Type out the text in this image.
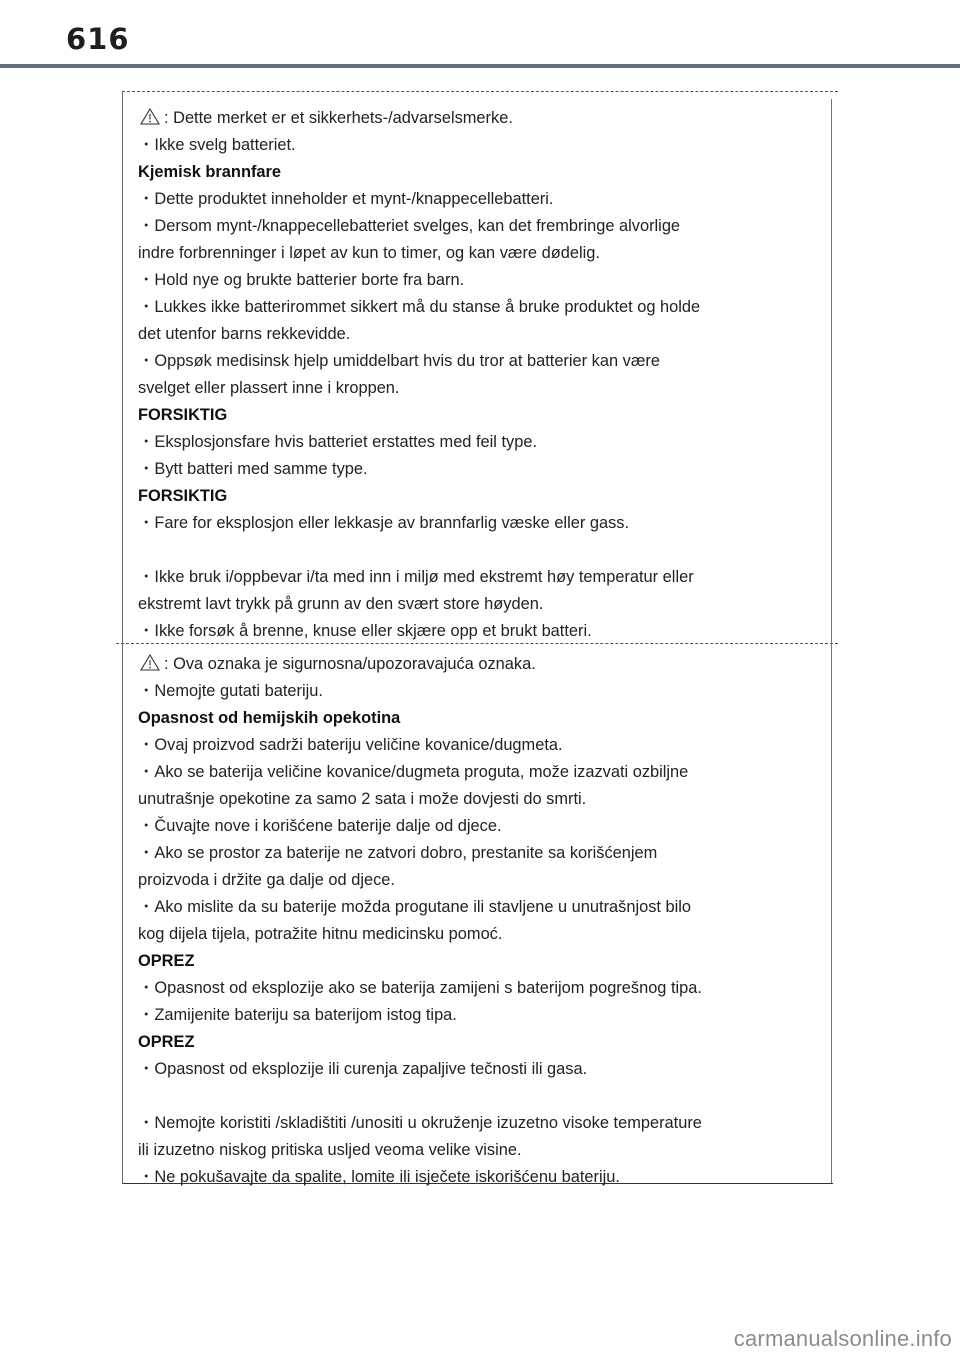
616
: Dette merket er et sikkerhets-/advarselsmerke.
・Ikke svelg batteriet.
Kjemisk brannfare
・Dette produktet inneholder et mynt-/knappecellebatteri.
・Dersom mynt-/knappecellebatteriet svelges, kan det frembringe alvorlige
indre forbrenninger i løpet av kun to timer, og kan være dødelig.
・Hold nye og brukte batterier borte fra barn.
・Lukkes ikke batterirommet sikkert må du stanse å bruke produktet og holde
det utenfor barns rekkevidde.
・Oppsøk medisinsk hjelp umiddelbart hvis du tror at batterier kan være
svelget eller plassert inne i kroppen.
FORSIKTIG
・Eksplosjonsfare hvis batteriet erstattes med feil type.
・Bytt batteri med samme type.
FORSIKTIG
・Fare for eksplosjon eller lekkasje av brannfarlig væske eller gass.
・Ikke bruk i/oppbevar i/ta med inn i miljø med ekstremt høy temperatur eller
ekstremt lavt trykk på grunn av den svært store høyden.
・Ikke forsøk å brenne, knuse eller skjære opp et brukt batteri.
: Ova oznaka je sigurnosna/upozoravajuća oznaka.
・Nemojte gutati bateriju.
Opasnost od hemijskih opekotina
・Ovaj proizvod sadrži bateriju veličine kovanice/dugmeta.
・Ako se baterija veličine kovanice/dugmeta proguta, može izazvati ozbiljne
unutrašnje opekotine za samo 2 sata i može dovjesti do smrti.
・Čuvajte nove i korišćene baterije dalje od djece.
・Ako se prostor za baterije ne zatvori dobro, prestanite sa korišćenjem
proizvoda i držite ga dalje od djece.
・Ako mislite da su baterije možda progutane ili stavljene u unutrašnjost bilo
kog dijela tijela, potražite hitnu medicinsku pomoć.
OPREZ
・Opasnost od eksplozije ako se baterija zamijeni s baterijom pogrešnog tipa.
・Zamijenite bateriju sa baterijom istog tipa.
OPREZ
・Opasnost od eksplozije ili curenja zapaljive tečnosti ili gasa.
・Nemojte koristiti /skladištiti /unositi u okruženje izuzetno visoke temperature
ili izuzetno niskog pritiska usljed veoma velike visine.
・Ne pokušavajte da spalite, lomite ili isječete iskorišćenu bateriju.
carmanualsonline.info
